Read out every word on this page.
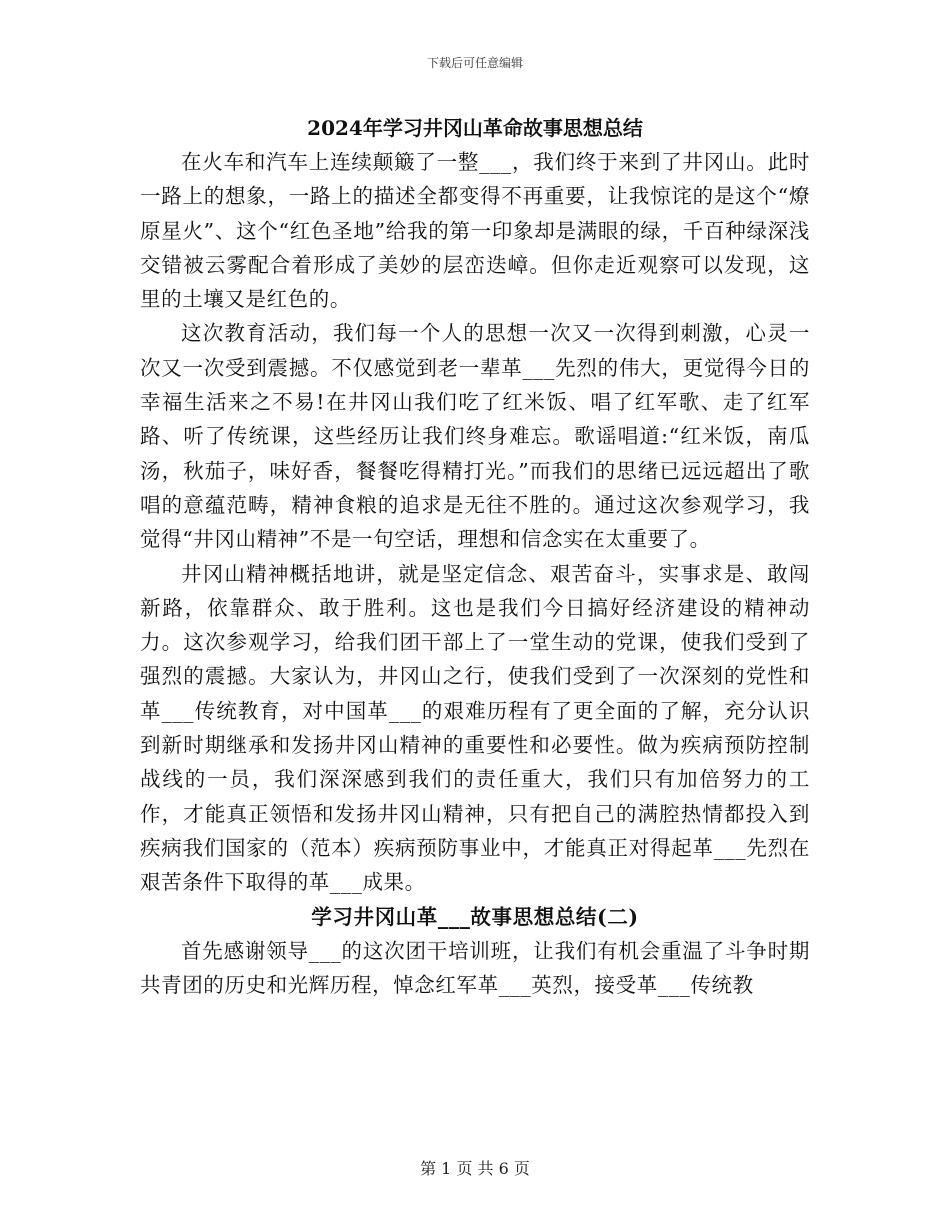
下载后可任意编辑
2024年学习井冈山革命故事思想总结

在火车和汽车上连续颠簸了一整___，我们终于来到了井冈山。此时一路上的想象，一路上的描述全都变得不再重要，让我惊诧的是这个“燎原星火”、这个“红色圣地”给我的第一印象却是满眼的绿，千百种绿深浅交错被云雾配合着形成了美妙的层峦迭嶂。但你走近观察可以发现，这里的土壤又是红色的。

这次教育活动，我们每一个人的思想一次又一次得到刺激，心灵一次又一次受到震撼。不仅感觉到老一辈革___先烈的伟大，更觉得今日的幸福生活来之不易!在井冈山我们吃了红米饭、唱了红军歌、走了红军路、听了传统课，这些经历让我们终身难忘。歌谣唱道:“红米饭，南瓜汤，秋茄子，味好香，餐餐吃得精打光。”而我们的思绪已远远超出了歌唱的意蕴范畴，精神食粮的追求是无往不胜的。通过这次参观学习，我觉得“井冈山精神”不是一句空话，理想和信念实在太重要了。

井冈山精神概括地讲，就是坚定信念、艰苦奋斗，实事求是、敢闯新路，依靠群众、敢于胜利。这也是我们今日搞好经济建设的精神动力。这次参观学习，给我们团干部上了一堂生动的党课，使我们受到了强烈的震撼。大家认为，井冈山之行，使我们受到了一次深刻的党性和革___传统教育，对中国革___的艰难历程有了更全面的了解，充分认识到新时期继承和发扬井冈山精神的重要性和必要性。做为疾病预防控制战线的一员，我们深深感到我们的责任重大，我们只有加倍努力的工作，才能真正领悟和发扬井冈山精神，只有把自己的满腔热情都投入到疾病我们国家的（范本）疾病预防事业中，才能真正对得起革___先烈在艰苦条件下取得的革___成果。

学习井冈山革___故事思想总结(二)

首先感谢领导___的这次团干培训班，让我们有机会重温了斗争时期共青团的历史和光辉历程，悼念红军革___英烈，接受革___传统教

第 1 页 共 6 页
